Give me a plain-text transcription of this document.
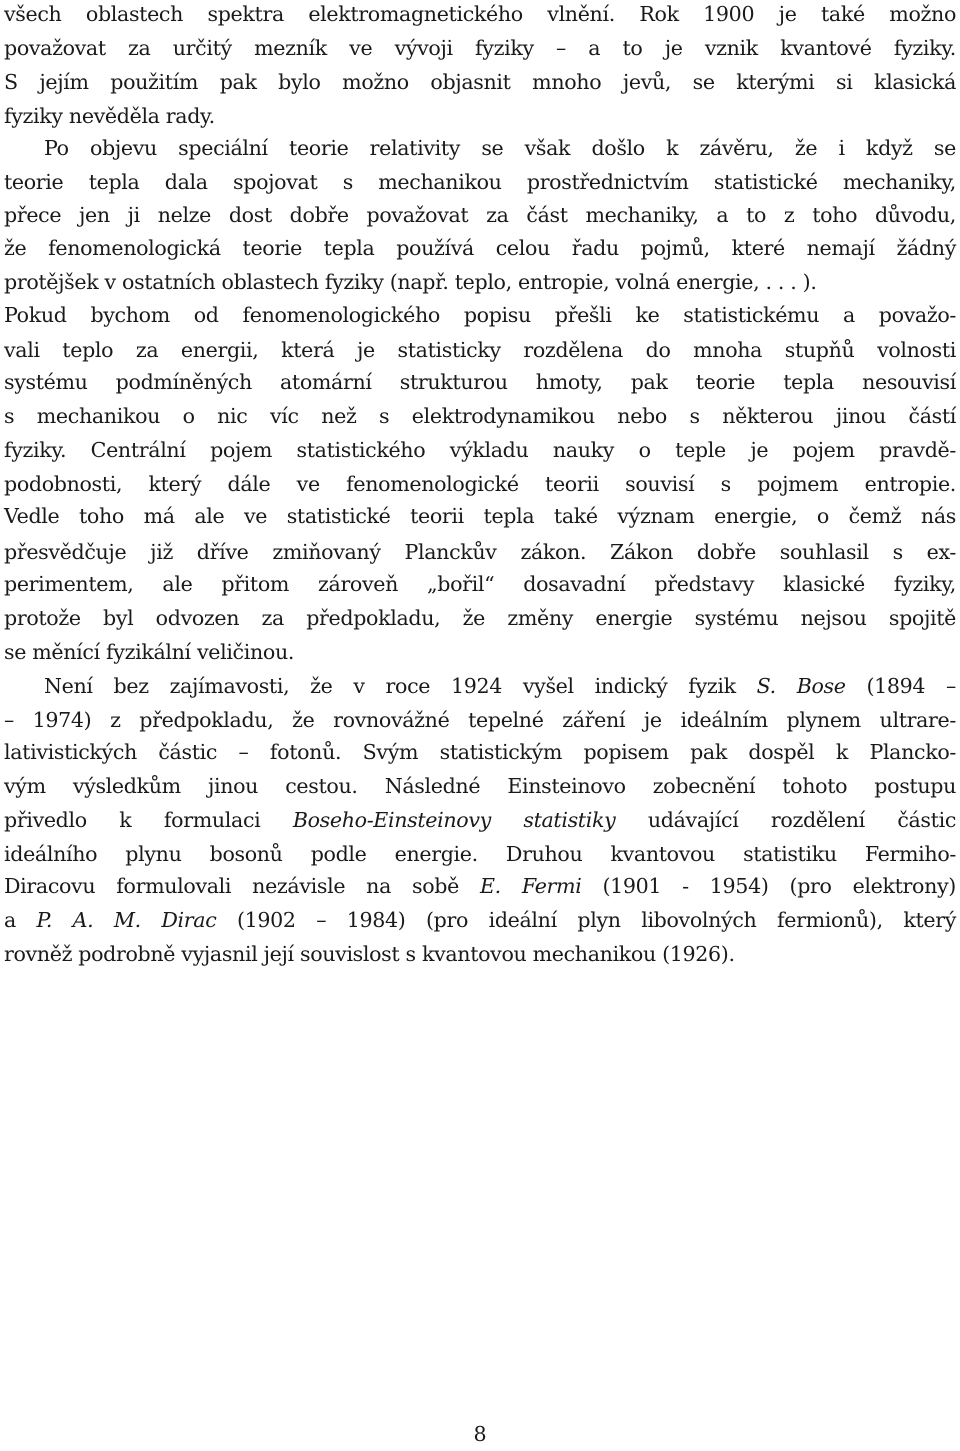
všech oblastech spektra elektromagnetického vlnění. Rok 1900 je také možno
považovat za určitý mezník ve vývoji fyziky – a to je vznik kvantové fyziky.
S jejím použitím pak bylo možno objasnit mnoho jevů, se kterými si klasická
fyziky nevěděla rady.
Po objevu speciální teorie relativity se však došlo k závěru, že i když se
teorie tepla dala spojovat s mechanikou prostřednictvím statistické mechaniky,
přece jen ji nelze dost dobře považovat za část mechaniky, a to z toho důvodu,
že fenomenologická teorie tepla používá celou řadu pojmů, které nemají žádný
protějšek v ostatních oblastech fyziky (např. teplo, entropie, volná energie, . . . ).
Pokud bychom od fenomenologického popisu přešli ke statistickému a považo-
vali teplo za energii, která je statisticky rozdělena do mnoha stupňů volnosti
systému podmíněných atomární strukturou hmoty, pak teorie tepla nesouvisí
s mechanikou o nic víc než s elektrodynamikou nebo s některou jinou částí
fyziky. Centrální pojem statistického výkladu nauky o teple je pojem pravdě-
podobnosti, který dále ve fenomenologické teorii souvisí s pojmem entropie.
Vedle toho má ale ve statistické teorii tepla také význam energie, o čemž nás
přesvědčuje již dříve zmiňovaný Planckův zákon. Zákon dobře souhlasil s ex-
perimentem, ale přitom zároveň „bořil“ dosavadní představy klasické fyziky,
protože byl odvozen za předpokladu, že změny energie systému nejsou spojitě
se měnící fyzikální veličinou.
Není bez zajímavosti, že v roce 1924 vyšel indický fyzik S. Bose (1894 –
– 1974) z předpokladu, že rovnovážné tepelné záření je ideálním plynem ultrare-
lativistických částic – fotonů. Svým statistickým popisem pak dospěl k Plancko-
vým výsledkům jinou cestou. Následné Einsteinovo zobecnění tohoto postupu
přivedlo k formulaci Boseho-Einsteinovy statistiky udávající rozdělení částic
ideálního plynu bosonů podle energie. Druhou kvantovou statistiku Fermiho-
Diracovu formulovali nezávisle na sobě E. Fermi (1901 - 1954) (pro elektrony)
a P. A. M. Dirac (1902 – 1984) (pro ideální plyn libovolných fermionů), který
rovněž podrobně vyjasnil její souvislost s kvantovou mechanikou (1926).
8
